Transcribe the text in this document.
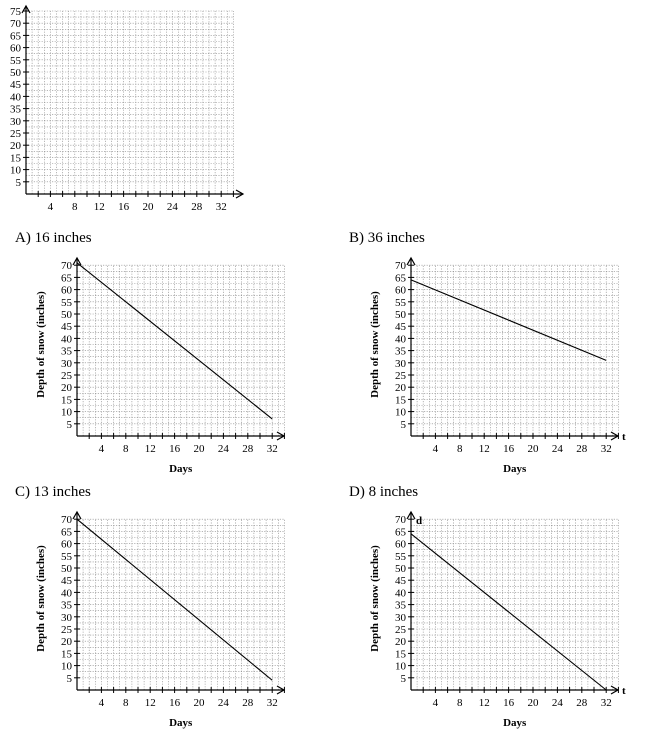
4 8 12 16 20 24 28 32
5
10
15
20
25
30
35
40
45
50
55
60
65
70
75
A) 16 inches
4 8 12 16 20 24 28 32
5
10
15
20
25
30
35
40
45
50
55
60
65
70
Days
Depth of snow (inches)
B) 36 inches
4 8 12 16 20 24 28 32
5
10
15
20
25
30
35
40
45
50
55
60
65
70
Days
Depth of snow (inches)
t
C) 13 inches
4 8 12 16 20 24 28 32
5
10
15
20
25
30
35
40
45
50
55
60
65
70
Days
Depth of snow (inches)
D) 8 inches
4 8 12 16 20 24 28 32
5
10
15
20
25
30
35
40
45
50
55
60
65
70
Days
Depth of snow (inches)
t
d
